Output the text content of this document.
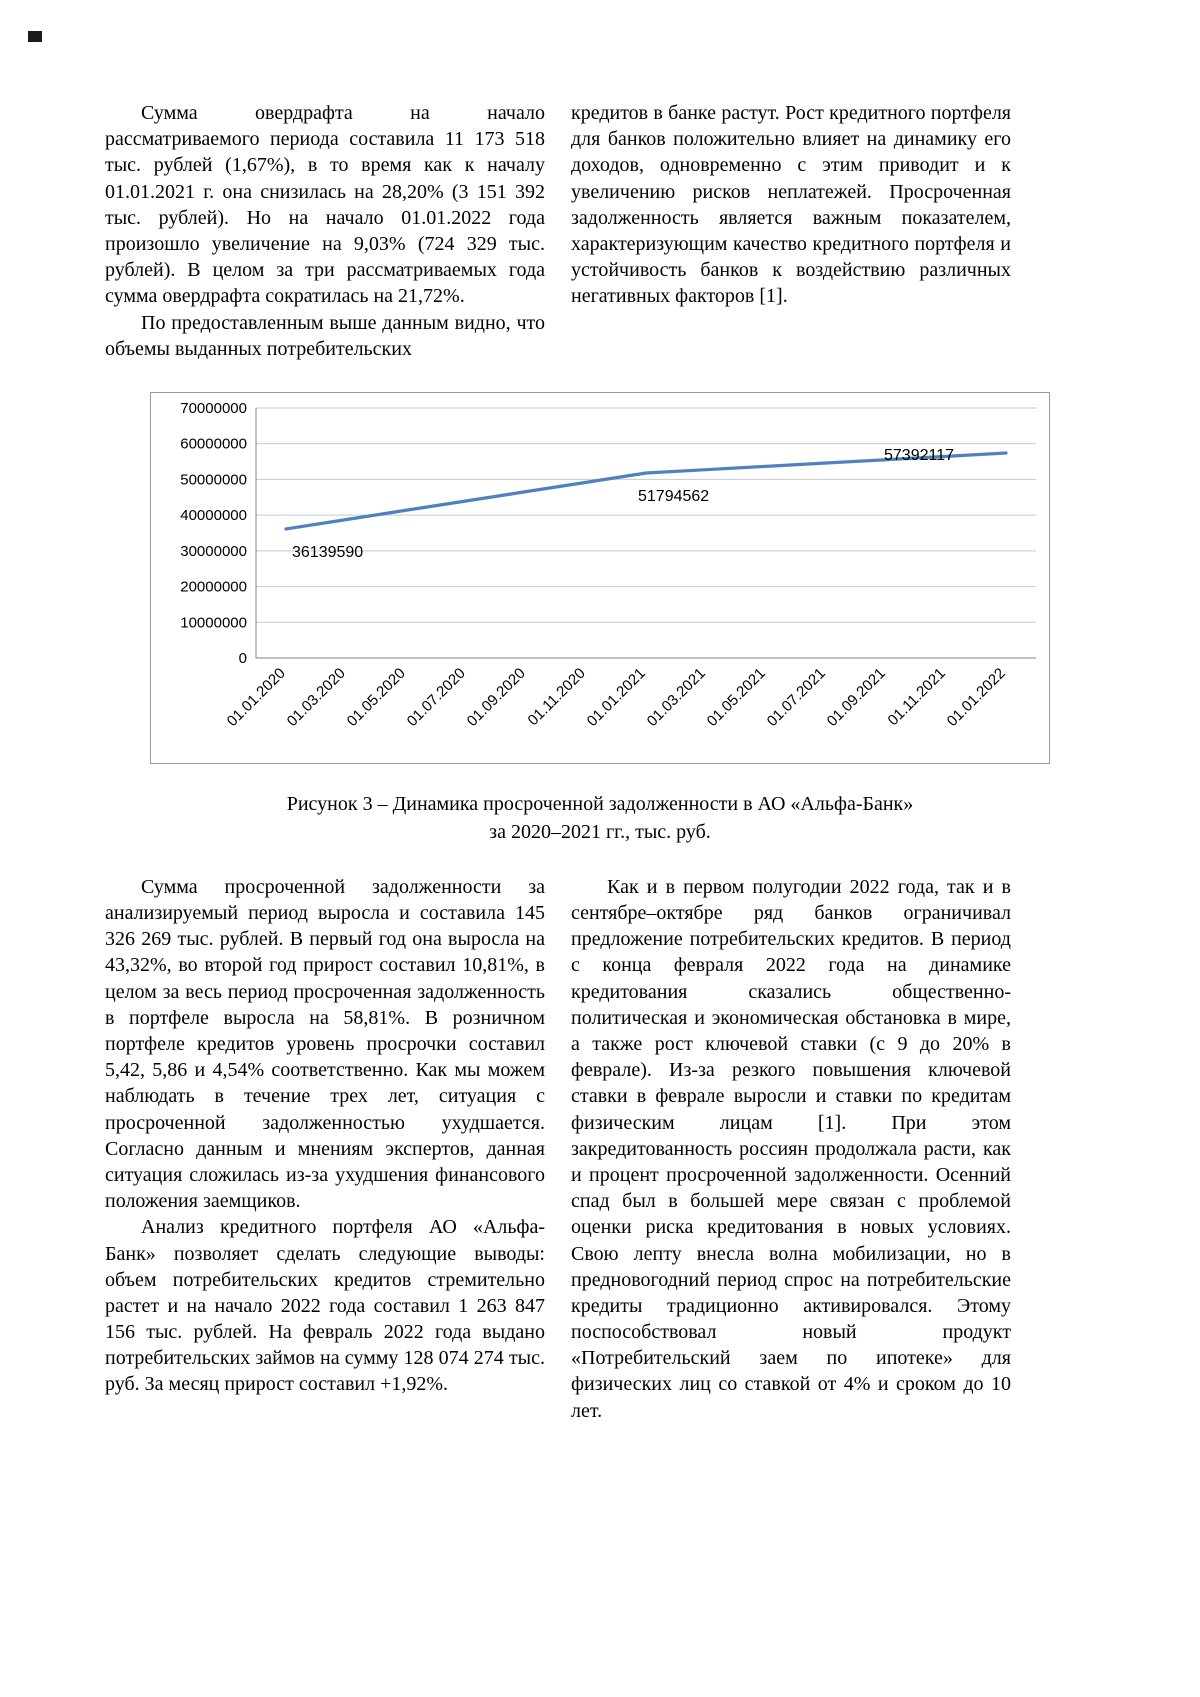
Сумма овердрафта на начало рассматриваемого периода составила 11 173 518 тыс. рублей (1,67%), в то время как к началу 01.01.2021 г. она снизилась на 28,20% (3 151 392 тыс. рублей). Но на начало 01.01.2022 года произошло увеличение на 9,03% (724 329 тыс. рублей). В целом за три рассматриваемых года сумма овердрафта сократилась на 21,72%.

По предоставленным выше данным видно, что объемы выданных потребительских

кредитов в банке растут. Рост кредитного портфеля для банков положительно влияет на динамику его доходов, одновременно с этим приводит и к увеличению рисков неплатежей. Просроченная задолженность является важным показателем, характеризующим качество кредитного портфеля и устойчивость банков к воздействию различных негативных факторов [1].

0
10000000
20000000
30000000
40000000
50000000
60000000
70000000
01.01.2020
01.03.2020
01.05.2020
01.07.2020
01.09.2020
01.11.2020
01.01.2021
01.03.2021
01.05.2021
01.07.2021
01.09.2021
01.11.2021
01.01.2022
36139590
51794562
57392117
Рисунок 3 – Динамика просроченной задолженности в АО «Альфа-Банк»
за 2020–2021 гг., тыс. руб.

Сумма просроченной задолженности за анализируемый период выросла и составила 145 326 269 тыс. рублей. В первый год она выросла на 43,32%, во второй год прирост составил 10,81%, в целом за весь период просроченная задолженность в портфеле выросла на 58,81%. В розничном портфеле кредитов уровень просрочки составил 5,42, 5,86 и 4,54% соответственно. Как мы можем наблюдать в течение трех лет, ситуация с просроченной задолженностью ухудшается. Согласно данным и мнениям экспертов, данная ситуация сложилась из-за ухудшения финансового положения заемщиков.

Анализ кредитного портфеля АО «Альфа-Банк» позволяет сделать следующие выводы: объем потребительских кредитов стремительно растет и на начало 2022 года составил 1 263 847 156 тыс. рублей. На февраль 2022 года выдано потребительских займов на сумму 128 074 274 тыс. руб. За месяц прирост составил +1,92%.

Как и в первом полугодии 2022 года, так и в сентябре–октябре ряд банков ограничивал предложение потребительских кредитов. В период с конца февраля 2022 года на динамике кредитования сказались общественно-политическая и экономическая обстановка в мире, а также рост ключевой ставки (с 9 до 20% в феврале). Из-за резкого повышения ключевой ставки в феврале выросли и ставки по кредитам физическим лицам [1]. При этом закредитованность россиян продолжала расти, как и процент просроченной задолженности. Осенний спад был в большей мере связан с проблемой оценки риска кредитования в новых условиях. Свою лепту внесла волна мобилизации, но в предновогодний период спрос на потребительские кредиты традиционно активировался. Этому поспособствовал новый продукт «Потребительский заем по ипотеке» для физических лиц со ставкой от 4% и сроком до 10 лет.
